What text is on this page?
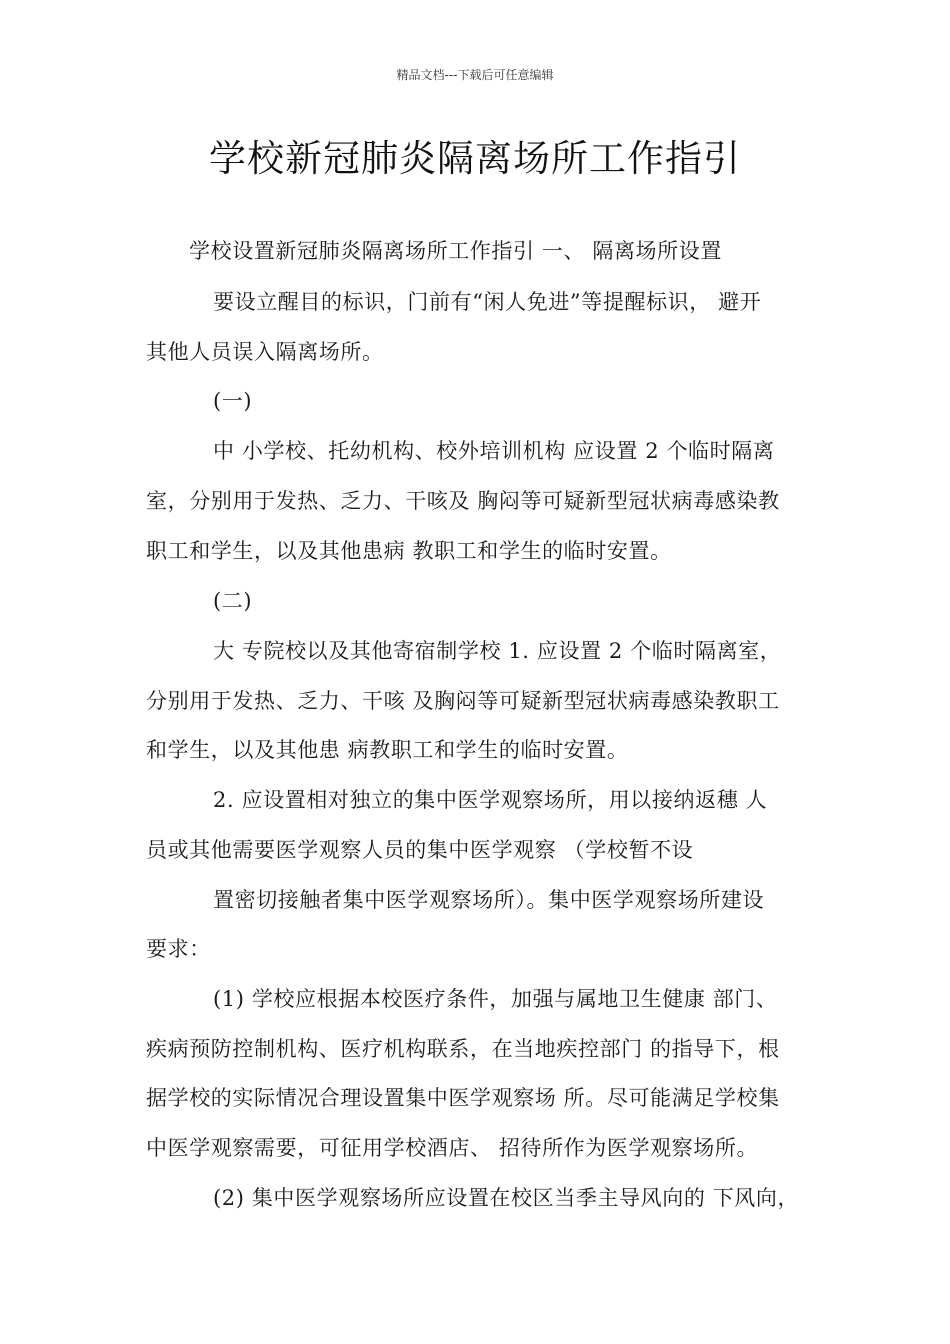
精品文档---下载后可任意编辑
学校新冠肺炎隔离场所工作指引
学校设置新冠肺炎隔离场所工作指引 一、 隔离场所设置
要设立醒目的标识，门前有“闲人免进”等提醒标识， 避开
其他人员误入隔离场所。
(一)
中 小学校、托幼机构、校外培训机构 应设置 2 个临时隔离
室，分别用于发热、乏力、干咳及 胸闷等可疑新型冠状病毒感染教
职工和学生，以及其他患病 教职工和学生的临时安置。
(二)
大 专院校以及其他寄宿制学校 1. 应设置 2 个临时隔离室，
分别用于发热、乏力、干咳 及胸闷等可疑新型冠状病毒感染教职工
和学生，以及其他患 病教职工和学生的临时安置。
2. 应设置相对独立的集中医学观察场所，用以接纳返穗 人
员或其他需要医学观察人员的集中医学观察 （学校暂不设
置密切接触者集中医学观察场所）。集中医学观察场所建设
要求：
(1) 学校应根据本校医疗条件，加强与属地卫生健康 部门、
疾病预防控制机构、医疗机构联系，在当地疾控部门 的指导下，根
据学校的实际情况合理设置集中医学观察场 所。尽可能满足学校集
中医学观察需要，可征用学校酒店、 招待所作为医学观察场所。
(2) 集中医学观察场所应设置在校区当季主导风向的 下风向，
